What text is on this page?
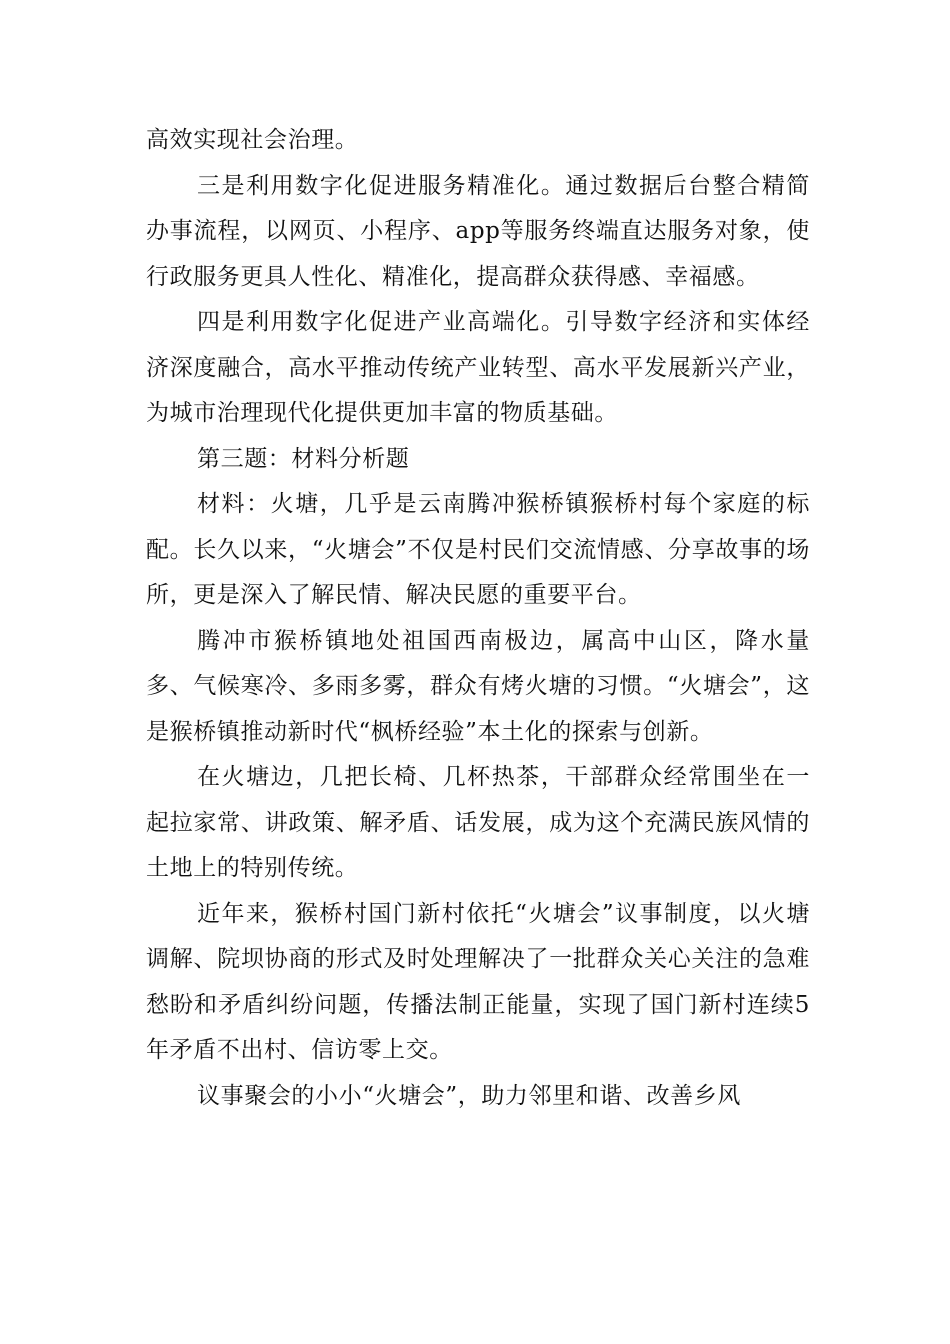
高效实现社会治理。

三是利用数字化促进服务精准化。通过数据后台整合精简办事流程，以网页、小程序、app等服务终端直达服务对象，使行政服务更具人性化、精准化，提高群众获得感、幸福感。

四是利用数字化促进产业高端化。引导数字经济和实体经济深度融合，高水平推动传统产业转型、高水平发展新兴产业，为城市治理现代化提供更加丰富的物质基础。

第三题：材料分析题

材料：火塘，几乎是云南腾冲猴桥镇猴桥村每个家庭的标配。长久以来，“火塘会”不仅是村民们交流情感、分享故事的场所，更是深入了解民情、解决民愿的重要平台。

腾冲市猴桥镇地处祖国西南极边，属高中山区，降水量多、气候寒冷、多雨多雾，群众有烤火塘的习惯。“火塘会”，这是猴桥镇推动新时代“枫桥经验”本土化的探索与创新。

在火塘边，几把长椅、几杯热茶，干部群众经常围坐在一起拉家常、讲政策、解矛盾、话发展，成为这个充满民族风情的土地上的特别传统。

近年来，猴桥村国门新村依托“火塘会”议事制度，以火塘调解、院坝协商的形式及时处理解决了一批群众关心关注的急难愁盼和矛盾纠纷问题，传播法制正能量，实现了国门新村连续5年矛盾不出村、信访零上交。

议事聚会的小小“火塘会”，助力邻里和谐、改善乡风
